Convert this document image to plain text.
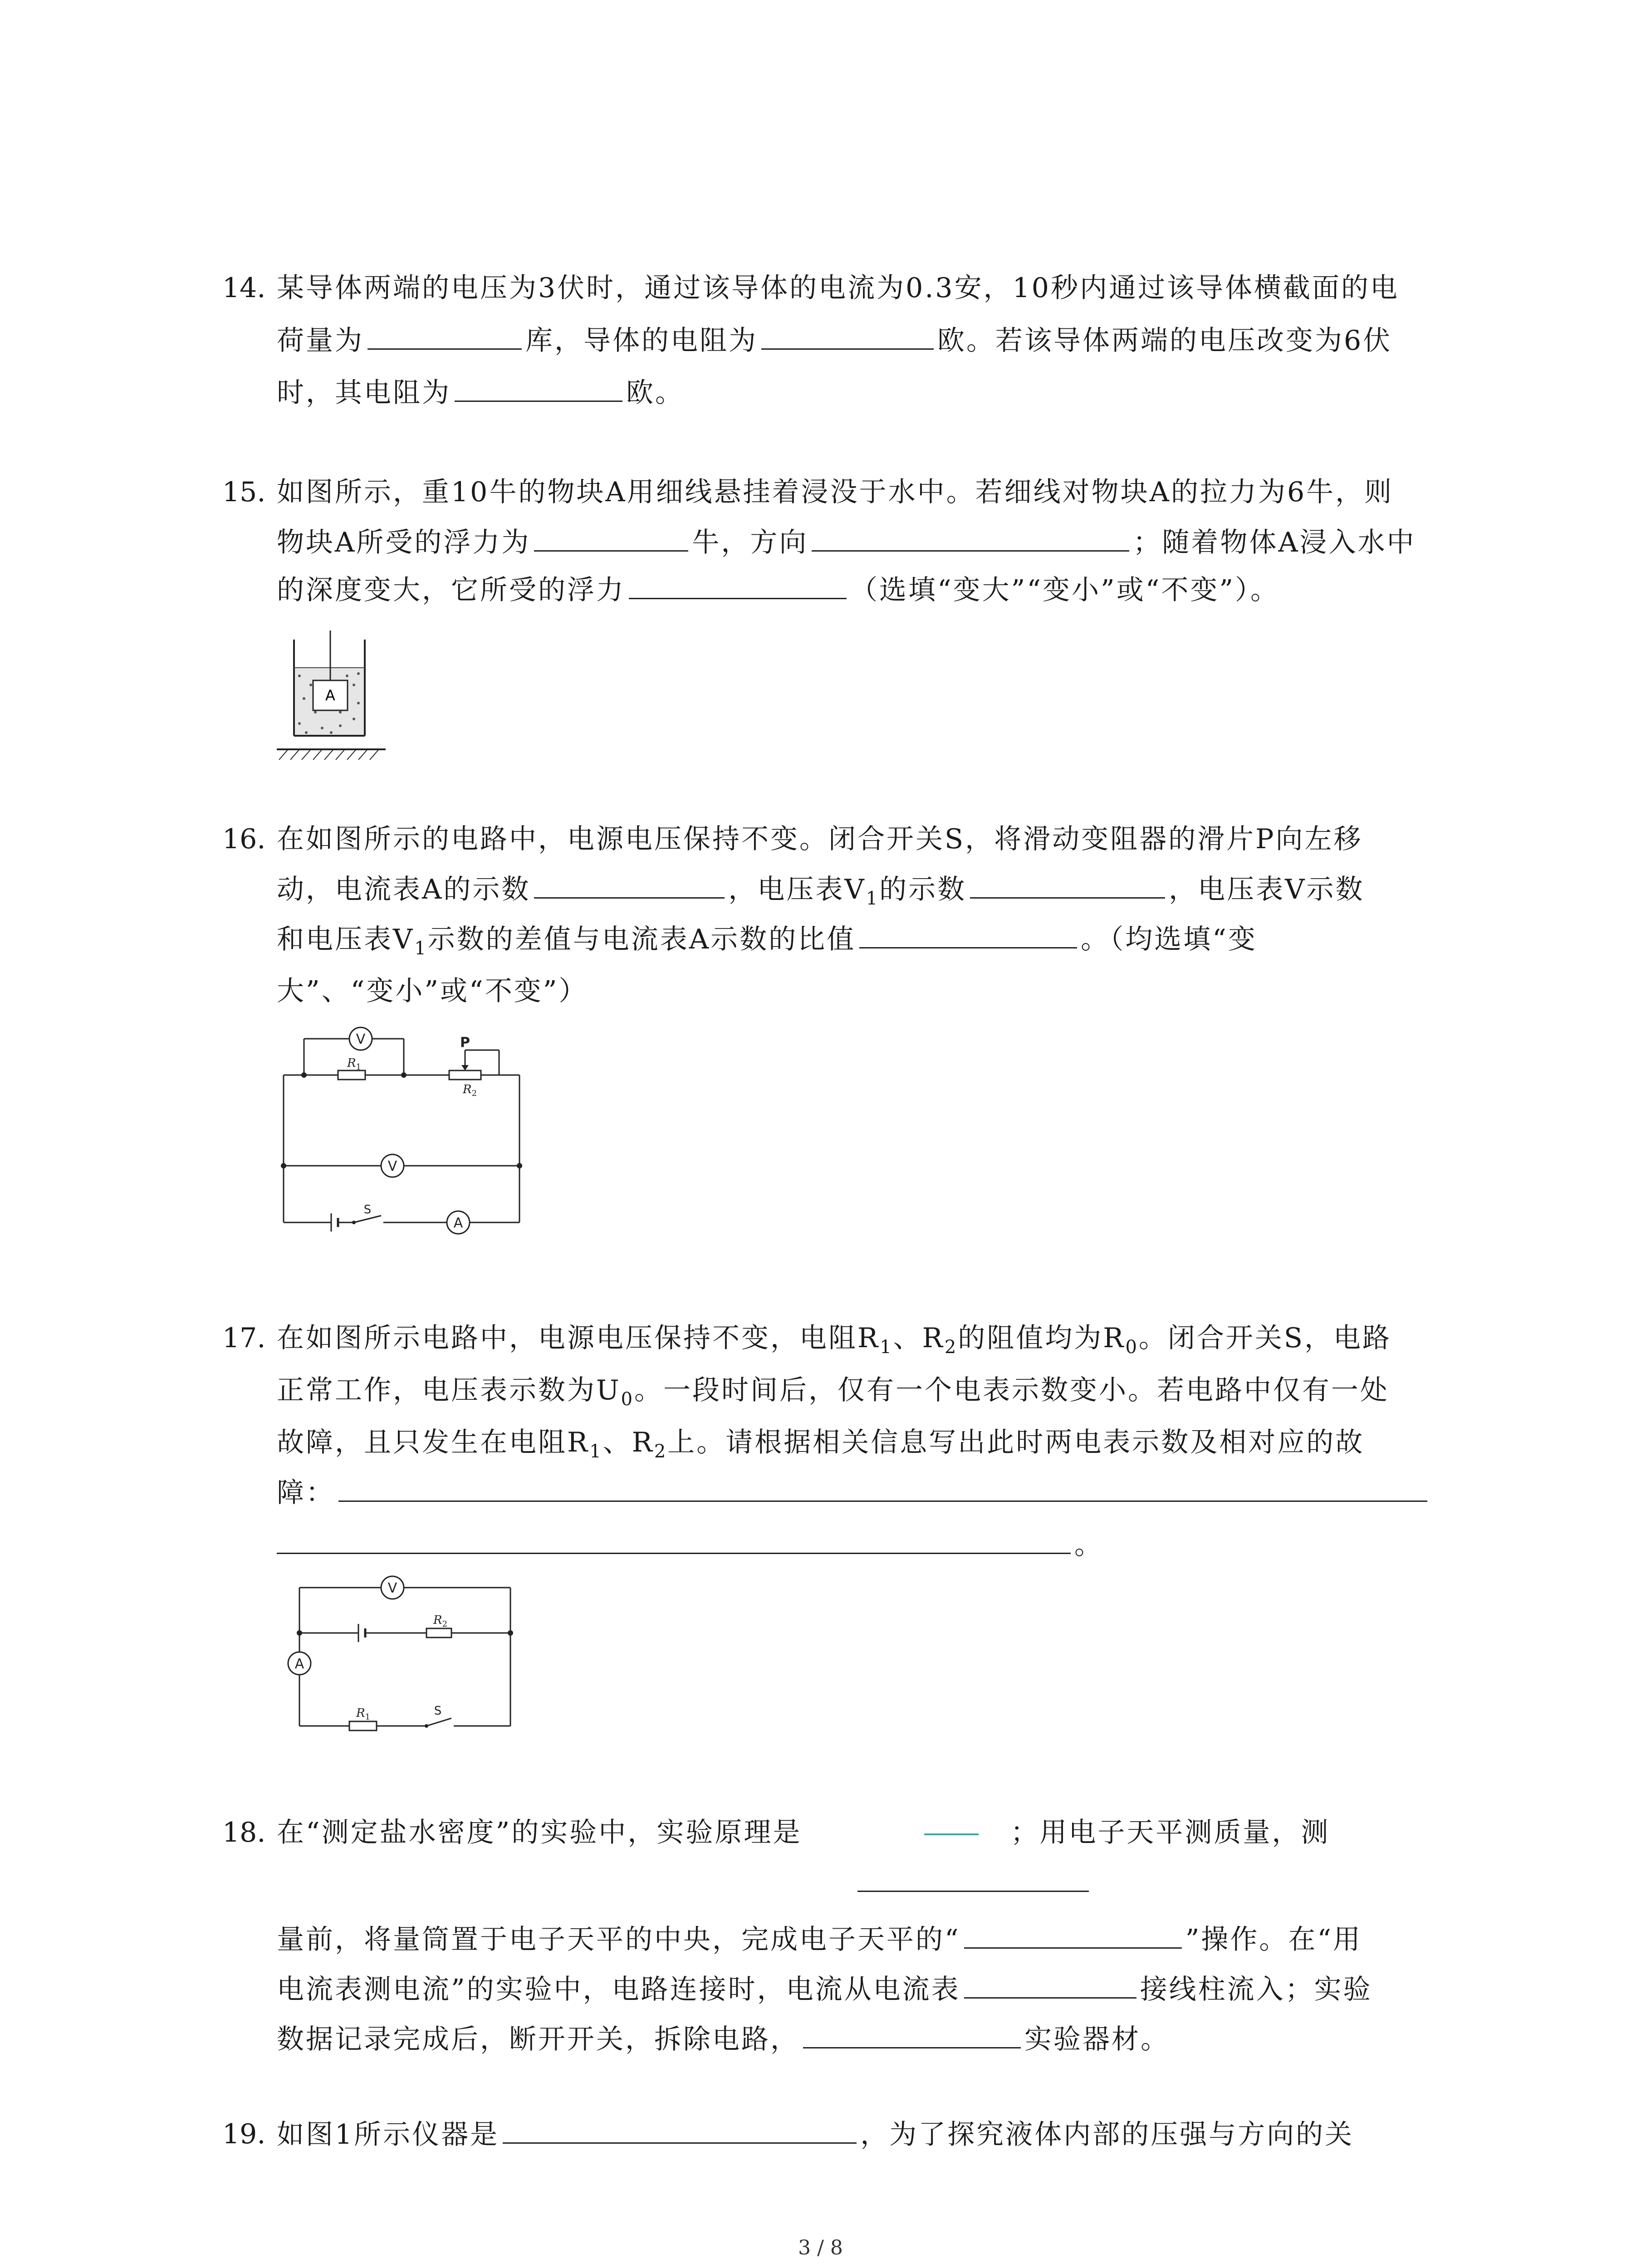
14. 某导体两端的电压为3伏时，通过该导体的电流为0.3安，10秒内通过该导体横截面的电
荷量为	库，导体的电阻为	欧。若该导体两端的电压改变为6伏
时，其电阻为	欧。
15. 如图所示，重10牛的物块A用细线悬挂着浸没于水中。若细线对物块A的拉力为6牛，则
物块A所受的浮力为	牛，方向	；随着物体A浸入水中
的深度变大，它所受的浮力	（选填“变大”“变小”或“不变”）。
A
16. 在如图所示的电路中，电源电压保持不变。闭合开关S，将滑动变阻器的滑片P向左移
动，电流表A的示数	，电压表$V_1$的示数	，电压表V示数
和电压表$V_1$示数的差值与电流表A示数的比值	。（均选填“变
大”、“变小”或“不变”）
V
V
A
P
S
$R_1$
$R_2$
17. 在如图所示电路中，电源电压保持不变，电阻$R_1$、$R_2$的阻值均为$R_0$。闭合开关S，电路
正常工作，电压表示数为$U_0$。一段时间后，仅有一个电表示数变小。若电路中仅有一处
故障，且只发生在电阻$R_1$、$R_2$上。请根据相关信息写出此时两电表示数及相对应的故
障：
。
V
A
S
$R_2$
$R_1$
18. 在“测定盐水密度”的实验中，实验原理是	；用电子天平测质量，测
量前，将量筒置于电子天平的中央，完成电子天平的“	”操作。在“用
电流表测电流”的实验中，电路连接时，电流从电流表	接线柱流入；实验
数据记录完成后，断开开关，拆除电路，	实验器材。
19. 如图1所示仪器是	，为了探究液体内部的压强与方向的关
3 / 8
